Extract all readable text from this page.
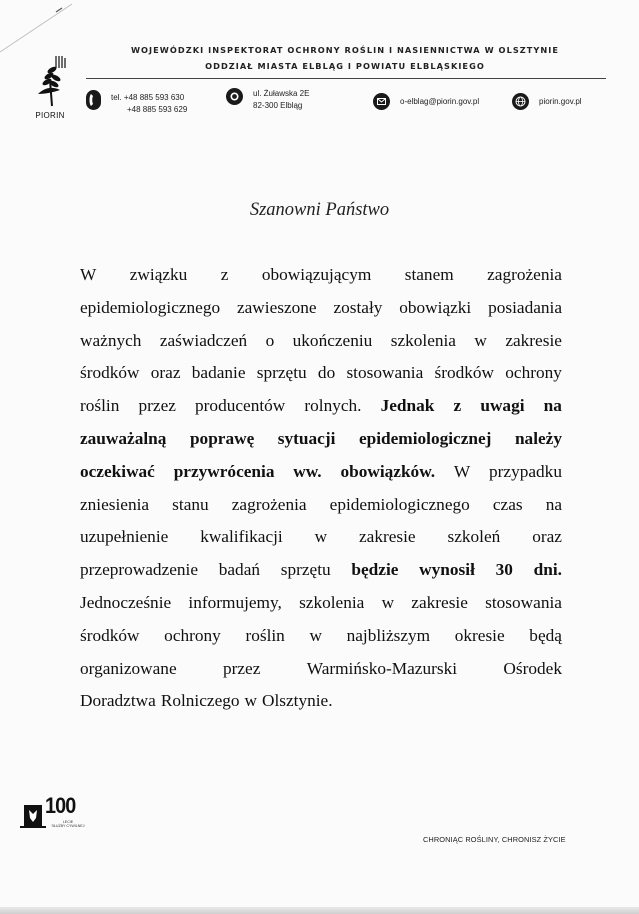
PIORIN
WOJEWÓDZKI INSPEKTORAT OCHRONY ROŚLIN I NASIENNICTWA W OLSZTYNIE
ODDZIAŁ MIASTA ELBLĄG I POWIATU ELBLĄSKIEGO
tel. +48 885 593 630
+48 885 593 629
ul. Żuławska 2E
82-300 Elbląg	o-elblag@piorin.gov.pl	piorin.gov.pl
Szanowni Państwo
W związku z obowiązującym stanem zagrożenia
epidemiologicznego zawieszone zostały obowiązki posiadania
ważnych zaświadczeń o ukończeniu szkolenia w zakresie
środków oraz badanie sprzętu do stosowania środków ochrony
roślin przez producentów rolnych. Jednak z uwagi na
zauważalną poprawę sytuacji epidemiologicznej należy
oczekiwać przywrócenia ww. obowiązków. W przypadku
zniesienia stanu zagrożenia epidemiologicznego czas na
uzupełnienie kwalifikacji w zakresie szkoleń oraz
przeprowadzenie badań sprzętu będzie wynosił 30 dni.
Jednocześnie informujemy, szkolenia w zakresie stosowania
środków ochrony roślin w najbliższym okresie będą
organizowane	przez	Warmińsko-Mazurski	Ośrodek
Doradztwa Rolniczego w Olsztynie.
100
LECIE
SŁUŻBY CYWILNEJ
CHRONIĄC ROŚLINY, CHRONISZ ŻYCIE
